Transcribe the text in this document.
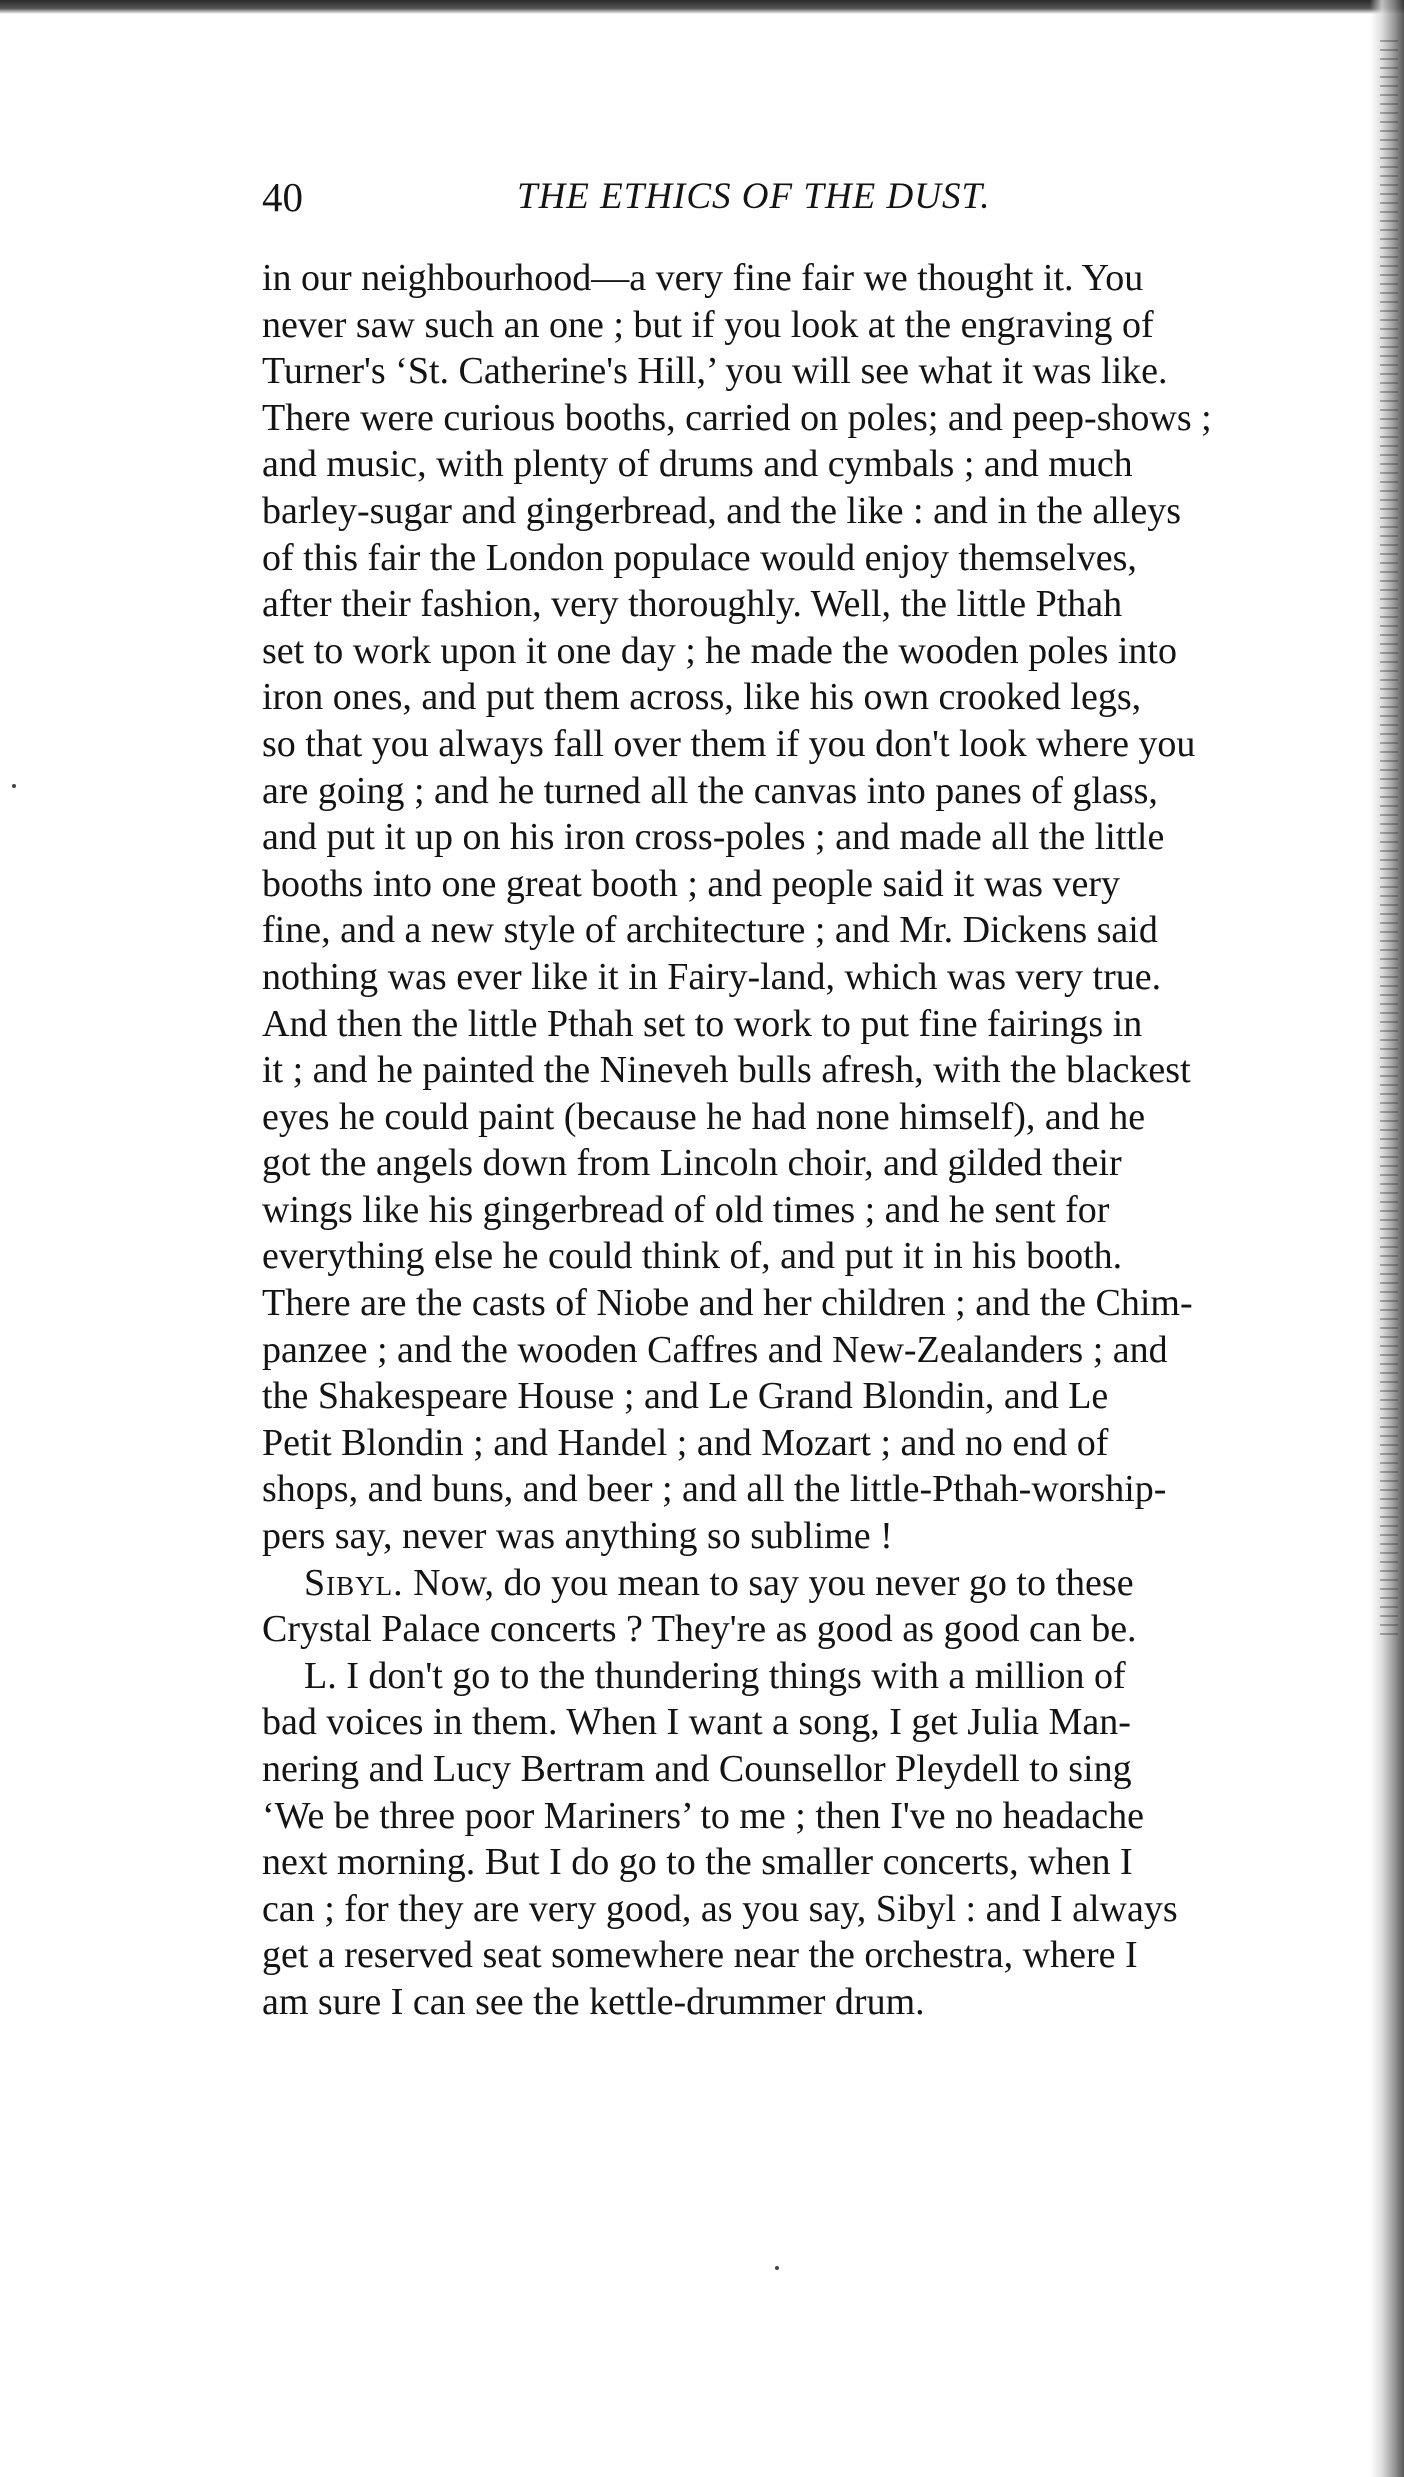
40	THE ETHICS OF THE DUST.
in our neighbourhood—a very fine fair we thought it. You
never saw such an one ; but if you look at the engraving of
Turner's ‘St. Catherine's Hill,’ you will see what it was like.
There were curious booths, carried on poles; and peep-shows ;
and music, with plenty of drums and cymbals ; and much
barley-sugar and gingerbread, and the like : and in the alleys
of this fair the London populace would enjoy themselves,
after their fashion, very thoroughly. Well, the little Pthah
set to work upon it one day ; he made the wooden poles into
iron ones, and put them across, like his own crooked legs,
so that you always fall over them if you don't look where you
are going ; and he turned all the canvas into panes of glass,
and put it up on his iron cross-poles ; and made all the little
booths into one great booth ; and people said it was very
fine, and a new style of architecture ; and Mr. Dickens said
nothing was ever like it in Fairy-land, which was very true.
And then the little Pthah set to work to put fine fairings in
it ; and he painted the Nineveh bulls afresh, with the blackest
eyes he could paint (because he had none himself), and he
got the angels down from Lincoln choir, and gilded their
wings like his gingerbread of old times ; and he sent for
everything else he could think of, and put it in his booth.
There are the casts of Niobe and her children ; and the Chim-
panzee ; and the wooden Caffres and New-Zealanders ; and
the Shakespeare House ; and Le Grand Blondin, and Le
Petit Blondin ; and Handel ; and Mozart ; and no end of
shops, and buns, and beer ; and all the little-Pthah-worship-
pers say, never was anything so sublime !
Sibyl. Now, do you mean to say you never go to these
Crystal Palace concerts ? They're as good as good can be.
L. I don't go to the thundering things with a million of
bad voices in them. When I want a song, I get Julia Man-
nering and Lucy Bertram and Counsellor Pleydell to sing
‘We be three poor Mariners’ to me ; then I've no headache
next morning. But I do go to the smaller concerts, when I
can ; for they are very good, as you say, Sibyl : and I always
get a reserved seat somewhere near the orchestra, where I
am sure I can see the kettle-drummer drum.
